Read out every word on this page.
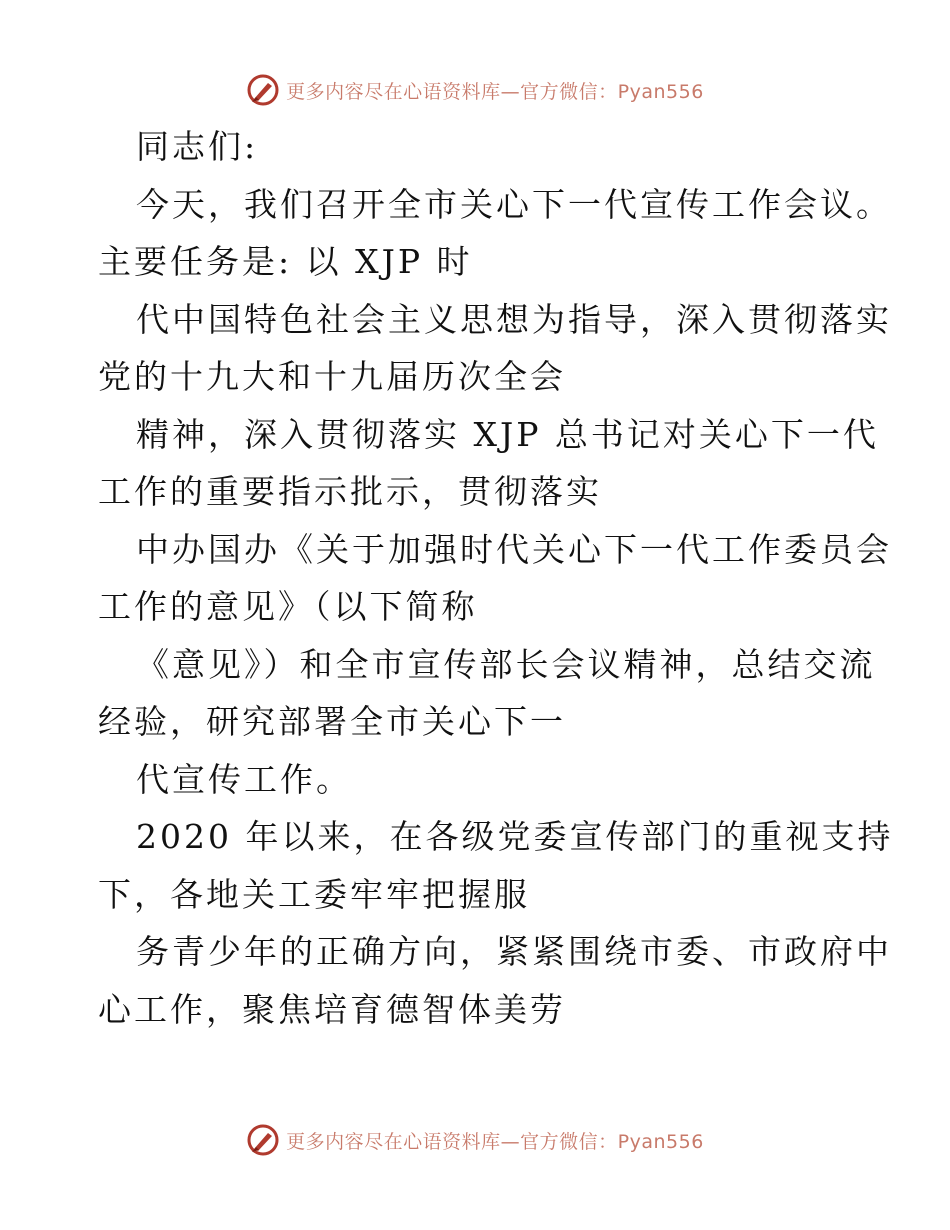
更多内容尽在心语资料库—官方微信：Pyan556
同志们:
今天，我们召开全市关心下一代宣传工作会议。
主要任务是: 以 XJP 时
代中国特色社会主义思想为指导，深入贯彻落实
党的十九大和十九届历次全会
精神，深入贯彻落实 XJP 总书记对关心下一代
工作的重要指示批示，贯彻落实
中办国办《关于加强时代关心下一代工作委员会
工作的意见》（以下简称
《意见》）和全市宣传部长会议精神，总结交流
经验，研究部署全市关心下一
代宣传工作。
2020 年以来，在各级党委宣传部门的重视支持
下，各地关工委牢牢把握服
务青少年的正确方向，紧紧围绕市委、市政府中
心工作，聚焦培育德智体美劳
更多内容尽在心语资料库—官方微信：Pyan556
